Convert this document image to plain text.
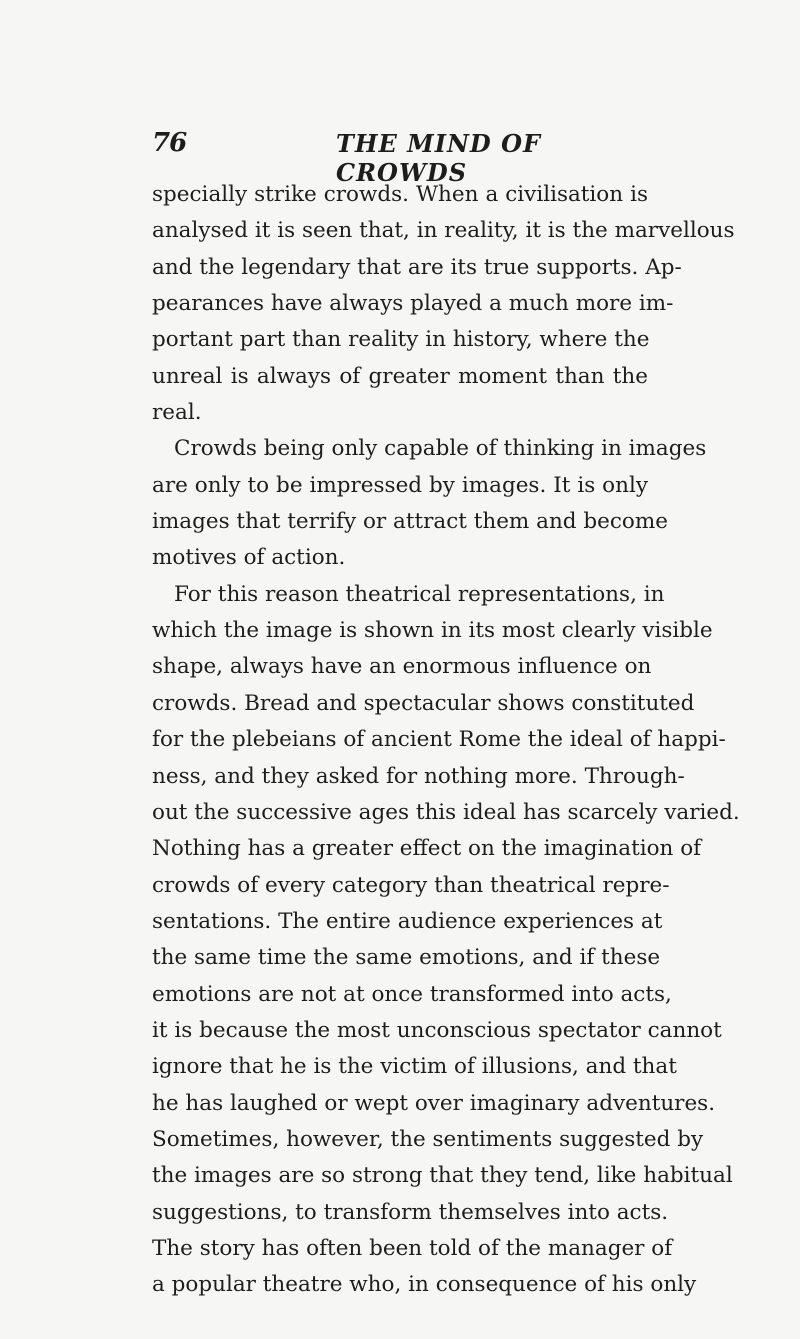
76	THE MIND OF CROWDS
specially strike crowds. When a civilisation is
analysed it is seen that, in reality, it is the marvellous
and the legendary that are its true supports. Ap-
pearances have always played a much more im-
portant part than reality in history, where the
unreal is always of greater moment than the
real.
Crowds being only capable of thinking in images
are only to be impressed by images. It is only
images that terrify or attract them and become
motives of action.
For this reason theatrical representations, in
which the image is shown in its most clearly visible
shape, always have an enormous influence on
crowds. Bread and spectacular shows constituted
for the plebeians of ancient Rome the ideal of happi-
ness, and they asked for nothing more. Through-
out the successive ages this ideal has scarcely varied.
Nothing has a greater effect on the imagination of
crowds of every category than theatrical repre-
sentations. The entire audience experiences at
the same time the same emotions, and if these
emotions are not at once transformed into acts,
it is because the most unconscious spectator cannot
ignore that he is the victim of illusions, and that
he has laughed or wept over imaginary adventures.
Sometimes, however, the sentiments suggested by
the images are so strong that they tend, like habitual
suggestions, to transform themselves into acts.
The story has often been told of the manager of
a popular theatre who, in consequence of his only
